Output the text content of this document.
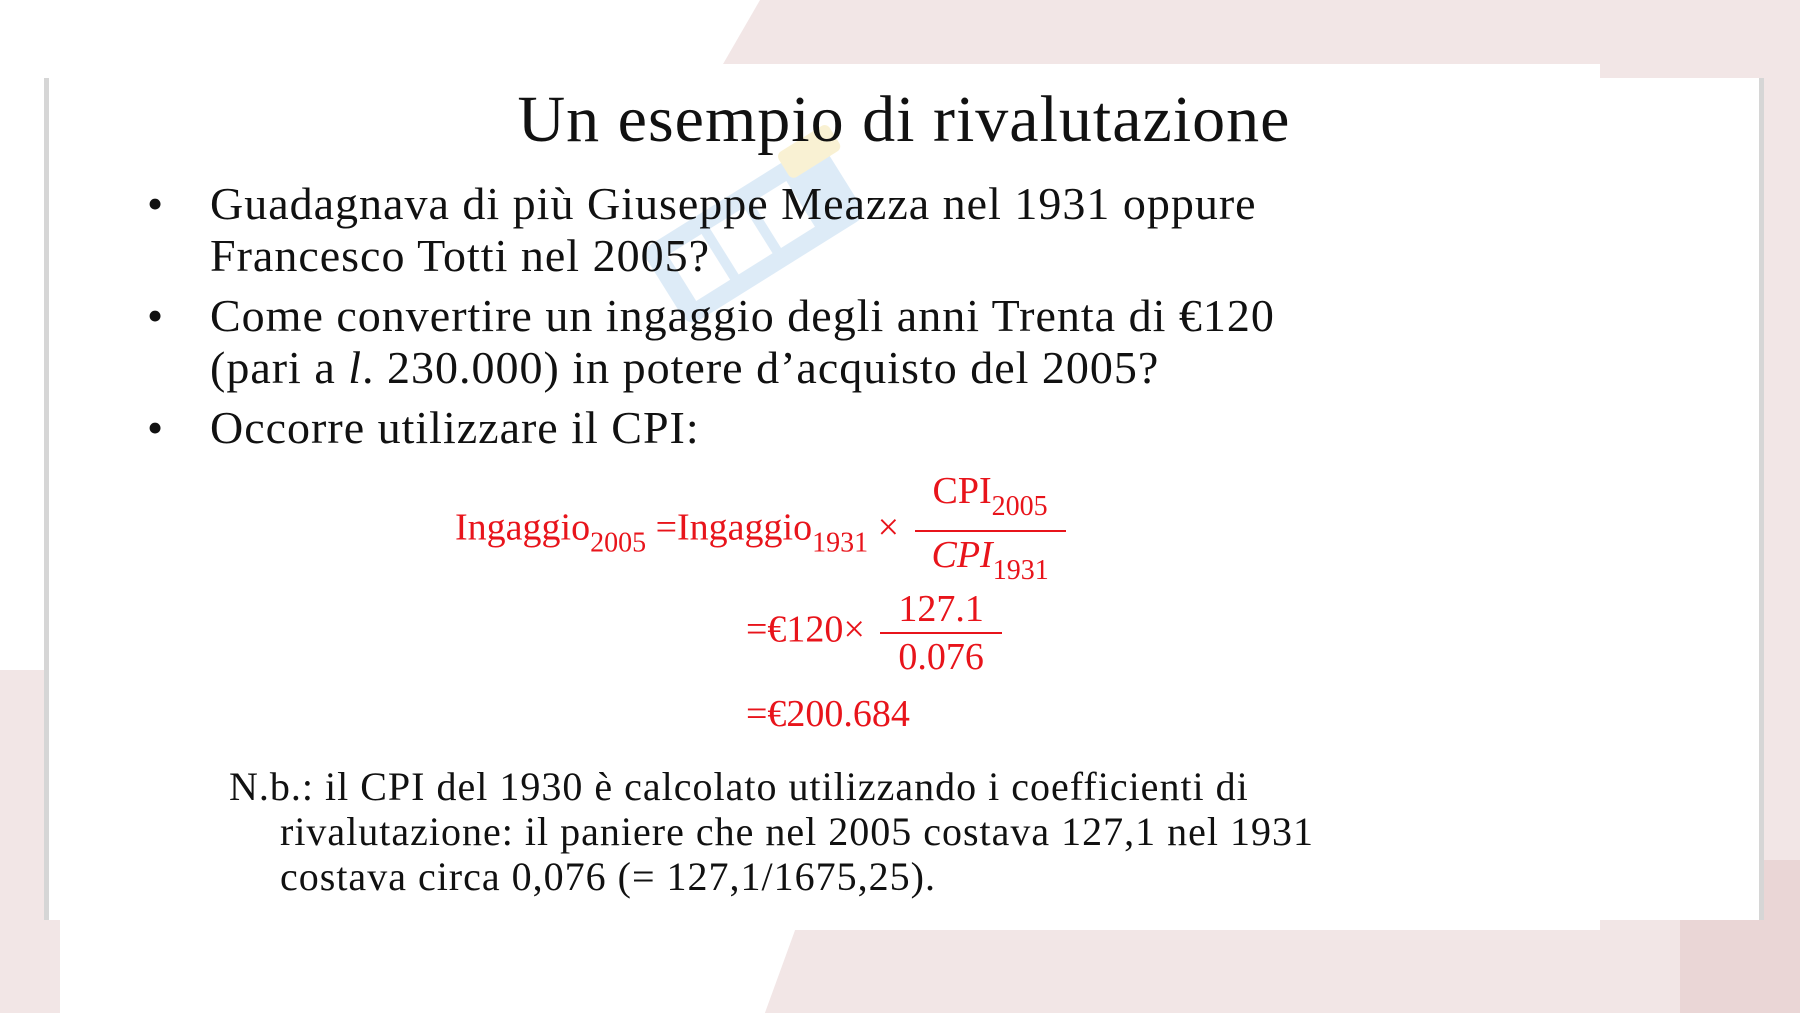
Un esempio di rivalutazione
• Guadagnava di più Giuseppe Meazza nel 1931 oppure
Francesco Totti nel 2005?
• Come convertire un ingaggio degli anni Trenta di €120
(pari a l. 230.000) in potere d’acquisto del 2005?
• Occorre utilizzare il CPI:
Ingaggio$_{2005}$ =Ingaggio$_{1931}$ × $\frac{CPI_{2005}}{CPI_{1931}}$
=€120× $\frac{127.1}{0.076}$
=€200.684
N.b.: il CPI del 1930 è calcolato utilizzando i coefficienti di
rivalutazione: il paniere che nel 2005 costava 127,1 nel 1931
costava circa 0,076 (= 127,1/1675,25).
